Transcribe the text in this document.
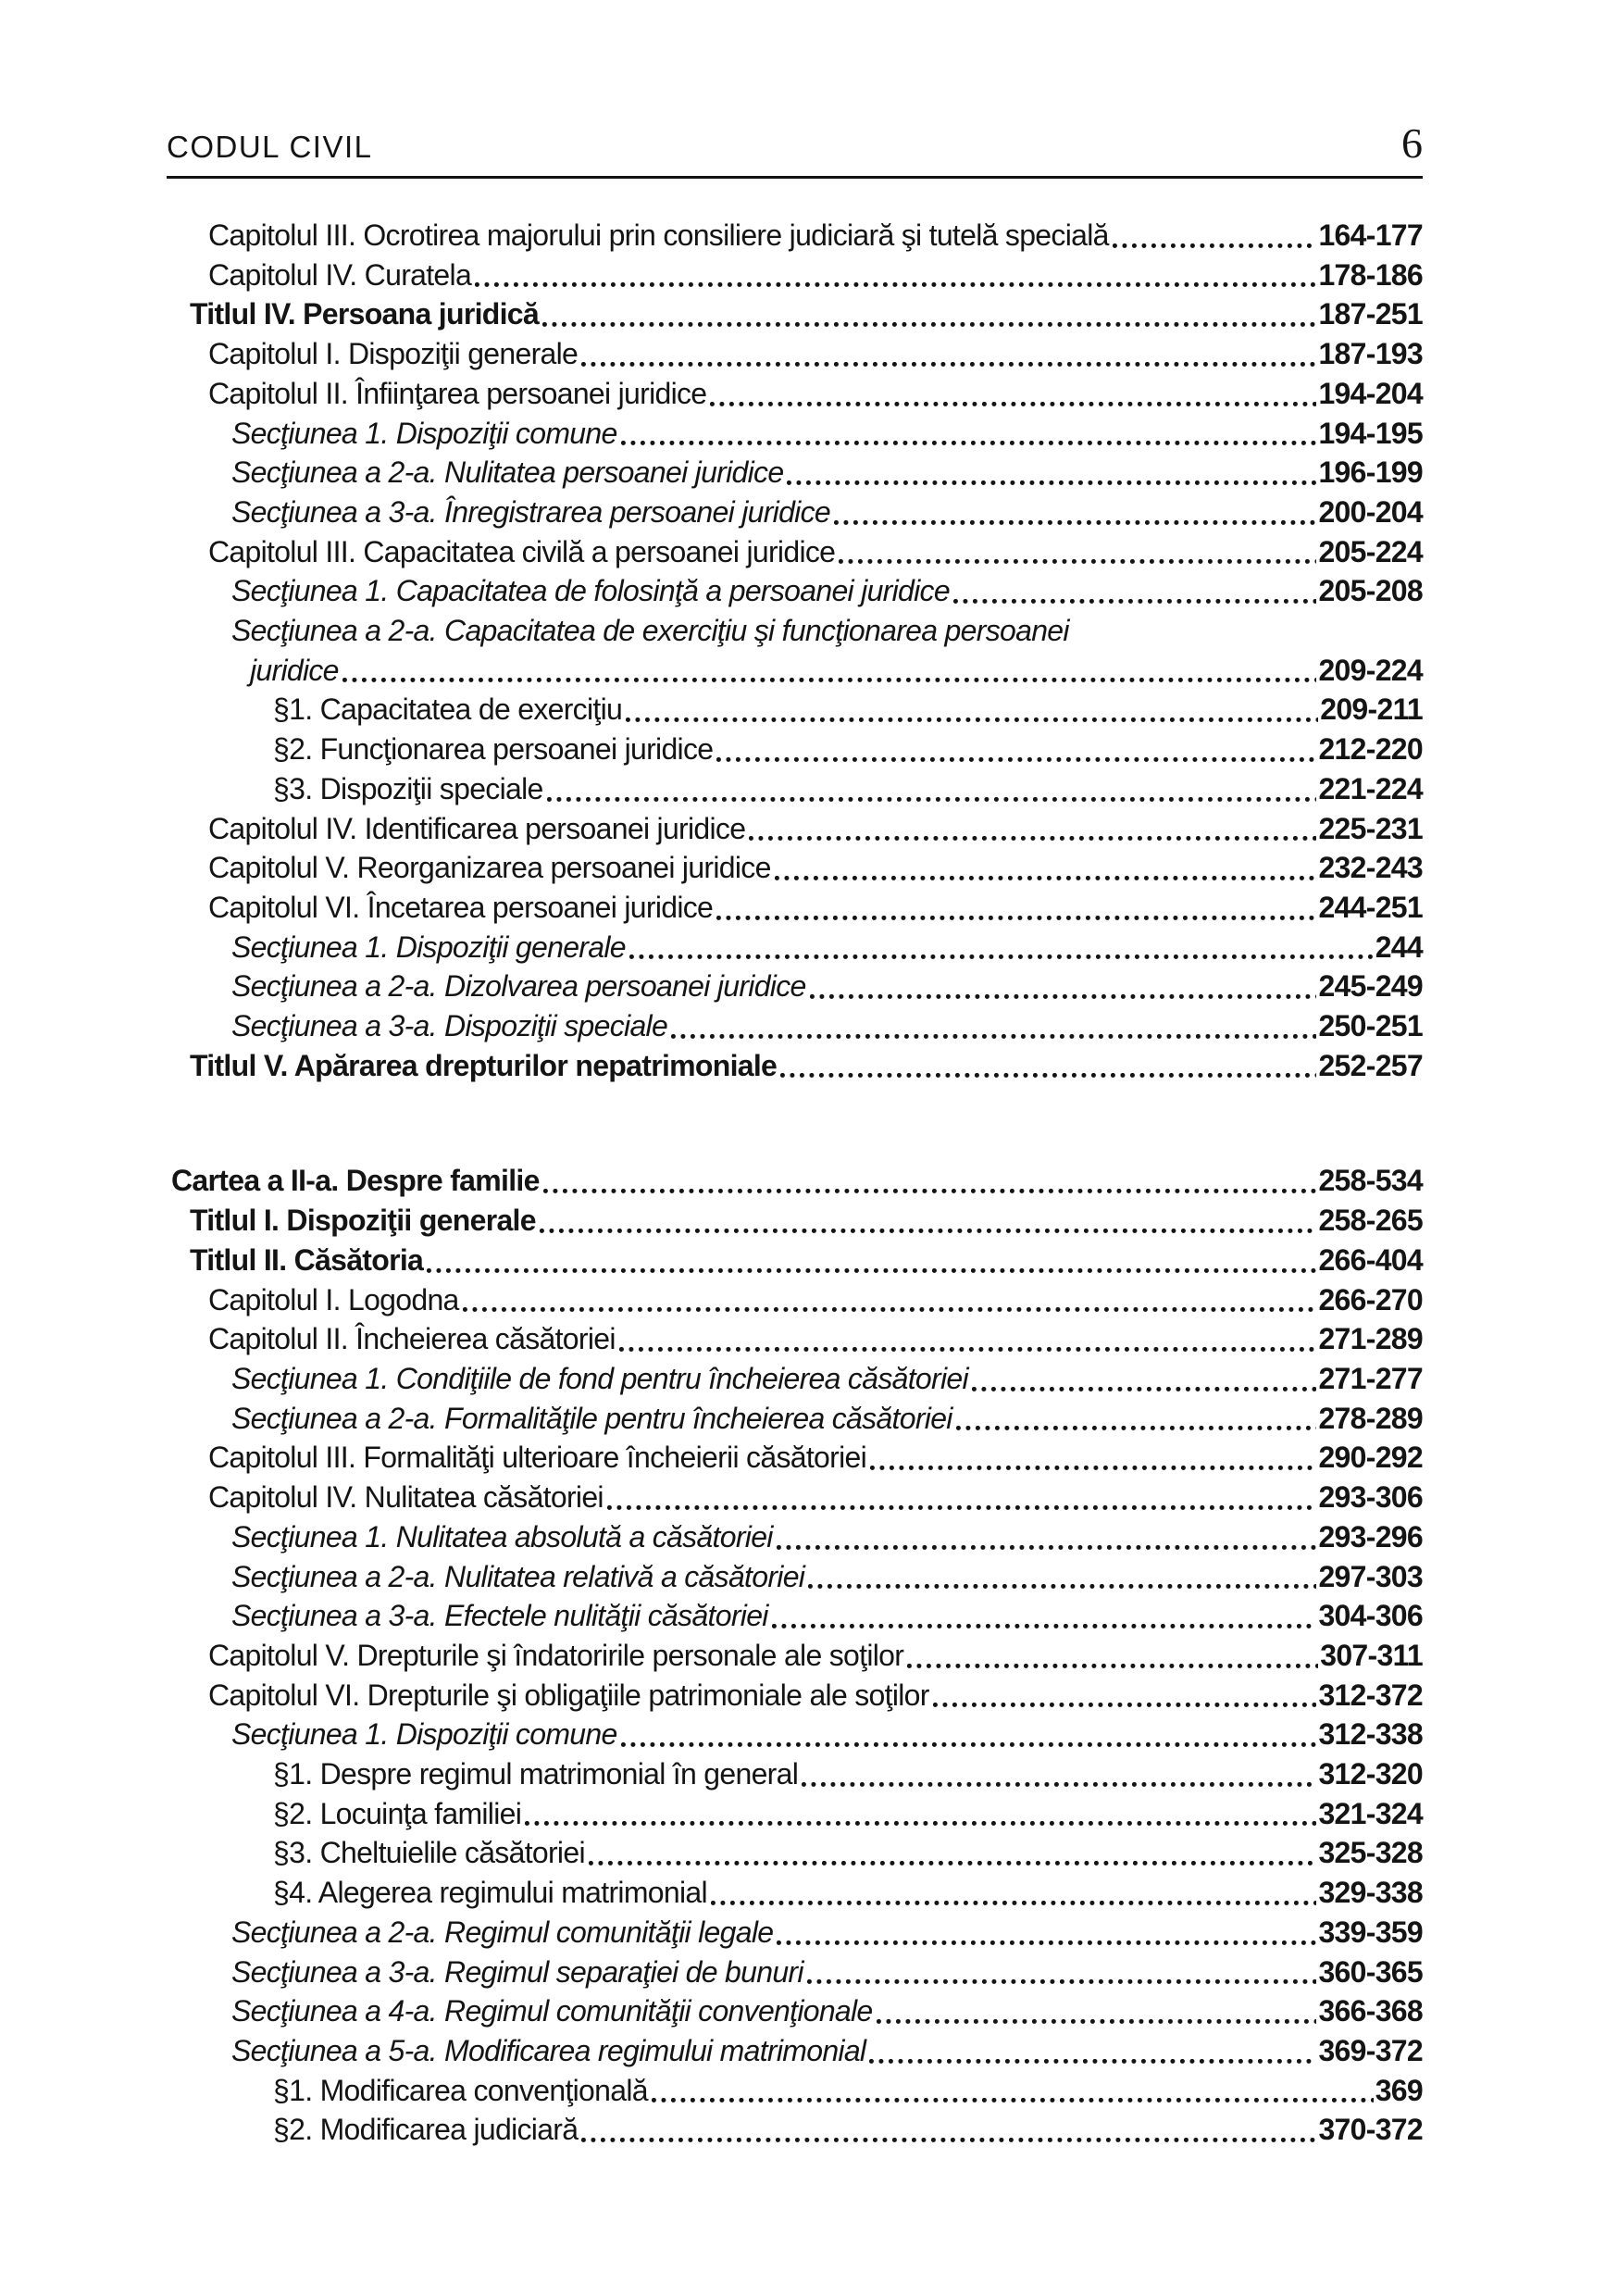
CODUL CIVIL	6
Capitolul III. Ocrotirea majorului prin consiliere judiciară şi tutelă specială	164-177
Capitolul IV. Curatela	178-186
Titlul IV. Persoana juridică	187-251
Capitolul I. Dispoziţii generale	187-193
Capitolul II. Înfiinţarea persoanei juridice	194-204
Secţiunea 1. Dispoziţii comune	194-195
Secţiunea a 2-a. Nulitatea persoanei juridice	196-199
Secţiunea a 3-a. Înregistrarea persoanei juridice	200-204
Capitolul III. Capacitatea civilă a persoanei juridice	205-224
Secţiunea 1. Capacitatea de folosinţă a persoanei juridice	205-208
Secţiunea a 2-a. Capacitatea de exerciţiu şi funcţionarea persoanei
juridice	209-224
§1. Capacitatea de exerciţiu	209-211
§2. Funcţionarea persoanei juridice	212-220
§3. Dispoziţii speciale	221-224
Capitolul IV. Identificarea persoanei juridice	225-231
Capitolul V. Reorganizarea persoanei juridice	232-243
Capitolul VI. Încetarea persoanei juridice	244-251
Secţiunea 1. Dispoziţii generale	244
Secţiunea a 2-a. Dizolvarea persoanei juridice	245-249
Secţiunea a 3-a. Dispoziţii speciale	250-251
Titlul V. Apărarea drepturilor nepatrimoniale	252-257
Cartea a II-a. Despre familie	258-534
Titlul I. Dispoziţii generale	258-265
Titlul II. Căsătoria	266-404
Capitolul I. Logodna	266-270
Capitolul II. Încheierea căsătoriei	271-289
Secţiunea 1. Condiţiile de fond pentru încheierea căsătoriei	271-277
Secţiunea a 2-a. Formalităţile pentru încheierea căsătoriei	278-289
Capitolul III. Formalităţi ulterioare încheierii căsătoriei	290-292
Capitolul IV. Nulitatea căsătoriei	293-306
Secţiunea 1. Nulitatea absolută a căsătoriei	293-296
Secţiunea a 2-a. Nulitatea relativă a căsătoriei	297-303
Secţiunea a 3-a. Efectele nulităţii căsătoriei	304-306
Capitolul V. Drepturile şi îndatoririle personale ale soţilor	307-311
Capitolul VI. Drepturile şi obligaţiile patrimoniale ale soţilor	312-372
Secţiunea 1. Dispoziţii comune	312-338
§1. Despre regimul matrimonial în general	312-320
§2. Locuinţa familiei	321-324
§3. Cheltuielile căsătoriei	325-328
§4. Alegerea regimului matrimonial	329-338
Secţiunea a 2-a. Regimul comunităţii legale	339-359
Secţiunea a 3-a. Regimul separaţiei de bunuri	360-365
Secţiunea a 4-a. Regimul comunităţii convenţionale	366-368
Secţiunea a 5-a. Modificarea regimului matrimonial	369-372
§1. Modificarea convenţională	369
§2. Modificarea judiciară	370-372
